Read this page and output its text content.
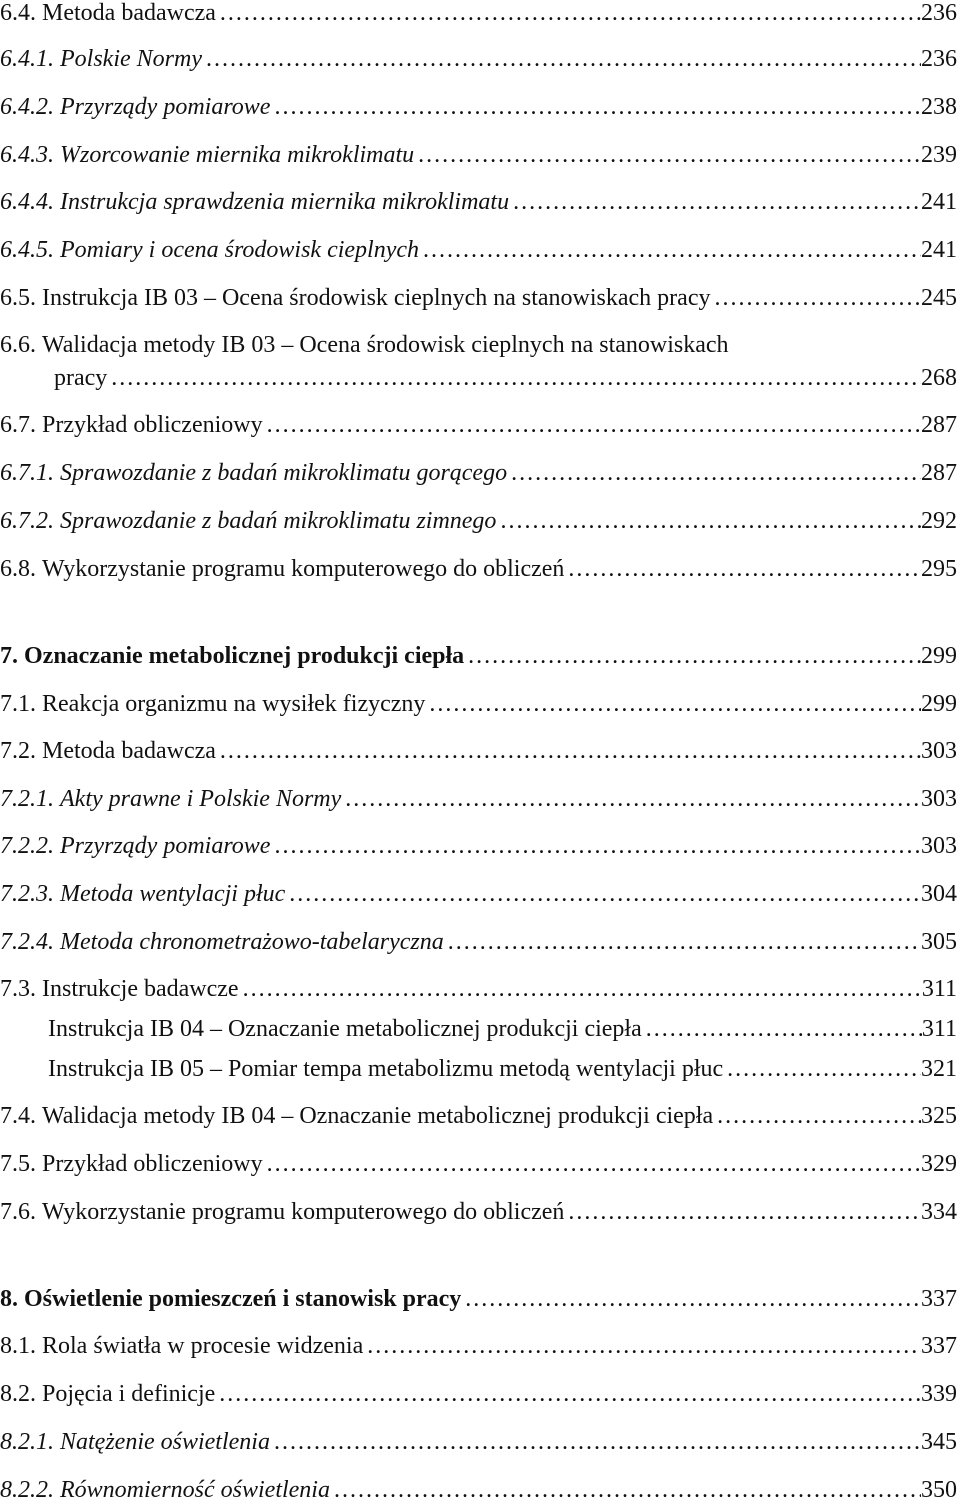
6.4. Metoda badawcza . . .	236
6.4.1. Polskie Normy . . .	236
6.4.2. Przyrządy pomiarowe . . .	238
6.4.3. Wzorcowanie miernika mikroklimatu . . .	239
6.4.4. Instrukcja sprawdzenia miernika mikroklimatu . . .	241
6.4.5. Pomiary i ocena środowisk cieplnych . . .	241
6.5. Instrukcja IB 03 – Ocena środowisk cieplnych na stanowiskach pracy . . .	245
6.6. Walidacja metody IB 03 – Ocena środowisk cieplnych na stanowiskach
pracy . . .	268
6.7. Przykład obliczeniowy . . .	287
6.7.1. Sprawozdanie z badań mikroklimatu gorącego . . .	287
6.7.2. Sprawozdanie z badań mikroklimatu zimnego . . .	292
6.8. Wykorzystanie programu komputerowego do obliczeń . . .	295
7. Oznaczanie metabolicznej produkcji ciepła . . .	299
7.1. Reakcja organizmu na wysiłek fizyczny . . .	299
7.2. Metoda badawcza . . .	303
7.2.1. Akty prawne i Polskie Normy . . .	303
7.2.2. Przyrządy pomiarowe . . .	303
7.2.3. Metoda wentylacji płuc . . .	304
7.2.4. Metoda chronometrażowo-tabelaryczna . . .	305
7.3. Instrukcje badawcze . . .	311
Instrukcja IB 04 – Oznaczanie metabolicznej produkcji ciepła . . .	311
Instrukcja IB 05 – Pomiar tempa metabolizmu metodą wentylacji płuc . . .	321
7.4. Walidacja metody IB 04 – Oznaczanie metabolicznej produkcji ciepła . . .	325
7.5. Przykład obliczeniowy . . .	329
7.6. Wykorzystanie programu komputerowego do obliczeń . . .	334
8. Oświetlenie pomieszczeń i stanowisk pracy . . .	337
8.1. Rola światła w procesie widzenia . . .	337
8.2. Pojęcia i definicje . . .	339
8.2.1. Natężenie oświetlenia . . .	345
8.2.2. Równomierność oświetlenia . . .	350
